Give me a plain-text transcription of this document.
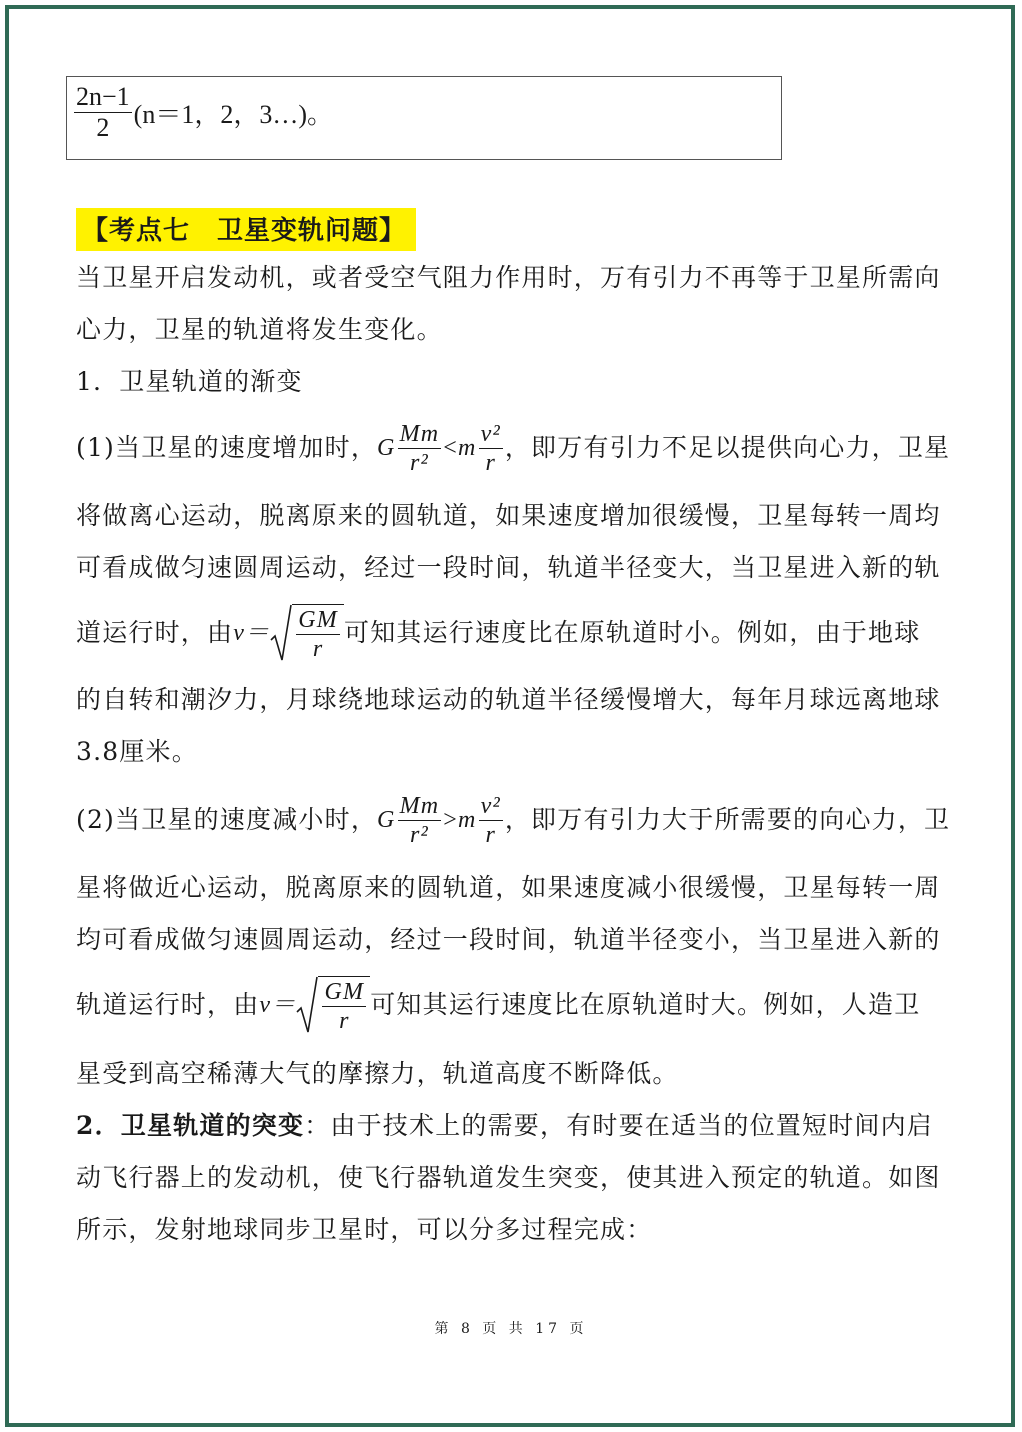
$\frac{2n-1}{2} (n=1$，2，3…)。
【考点七　卫星变轨问题】
当卫星开启发动机，或者受空气阻力作用时，万有引力不再等于卫星所需向
心力，卫星的轨道将发生变化。
1．卫星轨道的渐变
(1)当卫星的速度增加时， G $\frac{Mm}{\text{r²}} < m \frac{\text{v²}}{r}$ ，即万有引力不足以提供向心力，卫星
将做离心运动，脱离原来的圆轨道，如果速度增加很缓慢，卫星每转一周均
可看成做匀速圆周运动，经过一段时间，轨道半径变大，当卫星进入新的轨
道运行时，由 $v= \frac{GM}{r}$ 可知其运行速度比在原轨道时小。例如，由于地球
的自转和潮汐力，月球绕地球运动的轨道半径缓慢增大，每年月球远离地球
3.8厘米。
(2)当卫星的速度减小时， G $\frac{Mm}{\text{r²}} > m \frac{\text{v²}}{r}$ ，即万有引力大于所需要的向心力，卫
星将做近心运动，脱离原来的圆轨道，如果速度减小很缓慢，卫星每转一周
均可看成做匀速圆周运动，经过一段时间，轨道半径变小，当卫星进入新的
轨道运行时，由 $v= \frac{GM}{r}$ 可知其运行速度比在原轨道时大。例如，人造卫
星受到高空稀薄大气的摩擦力，轨道高度不断降低。
2．卫星轨道的突变：由于技术上的需要，有时要在适当的位置短时间内启
动飞行器上的发动机，使飞行器轨道发生突变，使其进入预定的轨道。如图
所示，发射地球同步卫星时，可以分多过程完成：
第 8 页 共 17 页
